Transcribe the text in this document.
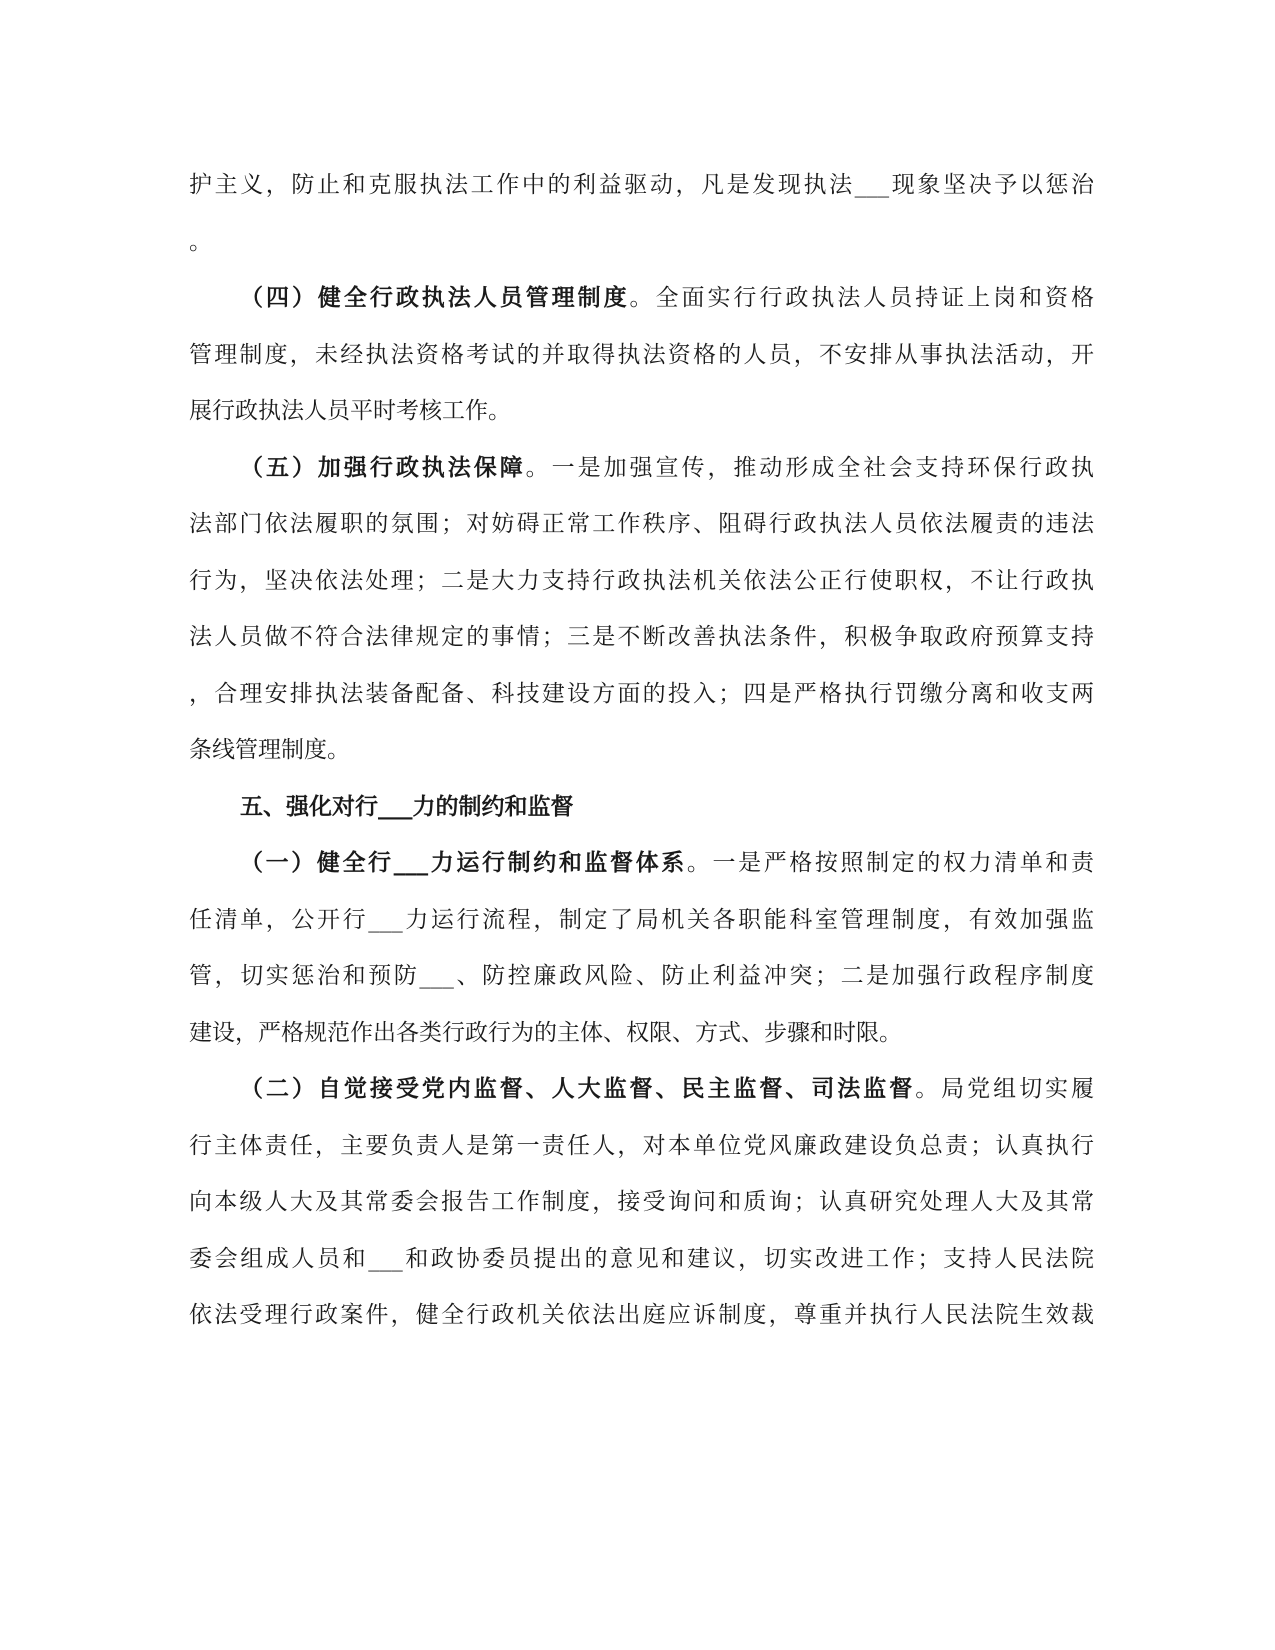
护主义，防止和克服执法工作中的利益驱动，凡是发现执法___现象坚决予以惩治
。
（四）健全行政执法人员管理制度。全面实行行政执法人员持证上岗和资格
管理制度，未经执法资格考试的并取得执法资格的人员，不安排从事执法活动，开
展行政执法人员平时考核工作。
（五）加强行政执法保障。一是加强宣传，推动形成全社会支持环保行政执
法部门依法履职的氛围；对妨碍正常工作秩序、阻碍行政执法人员依法履责的违法
行为，坚决依法处理；二是大力支持行政执法机关依法公正行使职权，不让行政执
法人员做不符合法律规定的事情；三是不断改善执法条件，积极争取政府预算支持
，合理安排执法装备配备、科技建设方面的投入；四是严格执行罚缴分离和收支两
条线管理制度。
五、强化对行___力的制约和监督
（一）健全行___力运行制约和监督体系。一是严格按照制定的权力清单和责
任清单，公开行___力运行流程，制定了局机关各职能科室管理制度，有效加强监
管，切实惩治和预防___、防控廉政风险、防止利益冲突；二是加强行政程序制度
建设，严格规范作出各类行政行为的主体、权限、方式、步骤和时限。
（二）自觉接受党内监督、人大监督、民主监督、司法监督。局党组切实履
行主体责任，主要负责人是第一责任人，对本单位党风廉政建设负总责；认真执行
向本级人大及其常委会报告工作制度，接受询问和质询；认真研究处理人大及其常
委会组成人员和___和政协委员提出的意见和建议，切实改进工作；支持人民法院
依法受理行政案件，健全行政机关依法出庭应诉制度，尊重并执行人民法院生效裁
